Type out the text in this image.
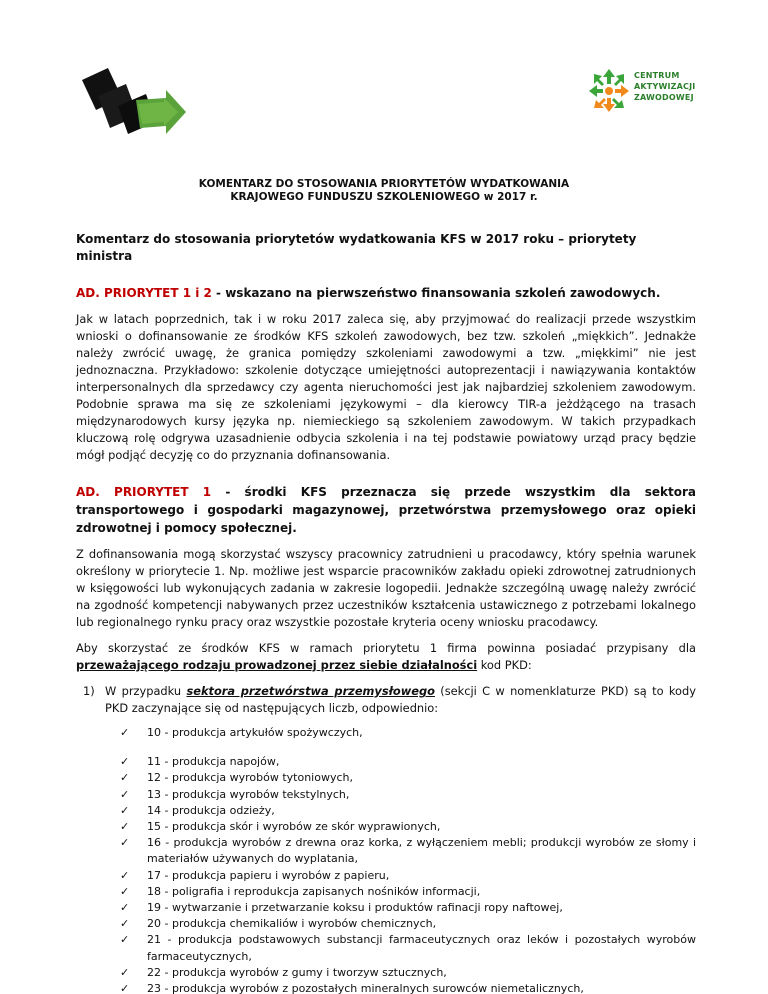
CENTRUM
AKTYWIZACJI
ZAWODOWEJ
KOMENTARZ DO STOSOWANIA PRIORYTETÓW WYDATKOWANIA
KRAJOWEGO FUNDUSZU SZKOLENIOWEGO w 2017 r.
Komentarz do stosowania priorytetów wydatkowania KFS w 2017 roku – priorytety ministra
AD. PRIORYTET 1 i 2 - wskazano na pierwszeństwo finansowania szkoleń zawodowych.
Jak w latach poprzednich, tak i w roku 2017 zaleca się, aby przyjmować do realizacji przede wszystkim wnioski o dofinansowanie ze środków KFS szkoleń zawodowych, bez tzw. szkoleń „miękkich”. Jednakże należy zwrócić uwagę, że granica pomiędzy szkoleniami zawodowymi a tzw. „miękkimi” nie jest jednoznaczna. Przykładowo: szkolenie dotyczące umiejętności autoprezentacji i nawiązywania kontaktów interpersonalnych dla sprzedawcy czy agenta nieruchomości jest jak najbardziej szkoleniem zawodowym. Podobnie sprawa ma się ze szkoleniami językowymi – dla kierowcy TIR-a jeżdżącego na trasach międzynarodowych kursy języka np. niemieckiego są szkoleniem zawodowym. W takich przypadkach kluczową rolę odgrywa uzasadnienie odbycia szkolenia i na tej podstawie powiatowy urząd pracy będzie mógł podjąć decyzję co do przyznania dofinansowania.
AD. PRIORYTET 1 - środki KFS przeznacza się przede wszystkim dla sektora transportowego i gospodarki magazynowej, przetwórstwa przemysłowego oraz opieki zdrowotnej i pomocy społecznej.
Z dofinansowania mogą skorzystać wszyscy pracownicy zatrudnieni u pracodawcy, który spełnia warunek określony w priorytecie 1. Np. możliwe jest wsparcie pracowników zakładu opieki zdrowotnej zatrudnionych w księgowości lub wykonujących zadania w zakresie logopedii. Jednakże szczególną uwagę należy zwrócić na zgodność kompetencji nabywanych przez uczestników kształcenia ustawicznego z potrzebami lokalnego lub regionalnego rynku pracy oraz wszystkie pozostałe kryteria oceny wniosku pracodawcy.
Aby skorzystać ze środków KFS w ramach priorytetu 1 firma powinna posiadać przypisany dla przeważającego rodzaju prowadzonej przez siebie działalności kod PKD:
1) W przypadku sektora przetwórstwa przemysłowego (sekcji C w nomenklaturze PKD) są to kody PKD zaczynające się od następujących liczb, odpowiednio:
✓	10 - produkcja artykułów spożywczych,
✓	11 - produkcja napojów,
✓	12 - produkcja wyrobów tytoniowych,
✓	13 - produkcja wyrobów tekstylnych,
✓	14 - produkcja odzieży,
✓	15 - produkcja skór i wyrobów ze skór wyprawionych,
✓	16 - produkcja wyrobów z drewna oraz korka, z wyłączeniem mebli; produkcji wyrobów ze słomy i materiałów używanych do wyplatania,
✓	17 - produkcja papieru i wyrobów z papieru,
✓	18 - poligrafia i reprodukcja zapisanych nośników informacji,
✓	19 - wytwarzanie i przetwarzanie koksu i produktów rafinacji ropy naftowej,
✓	20 - produkcja chemikaliów i wyrobów chemicznych,
✓	21 - produkcja podstawowych substancji farmaceutycznych oraz leków i pozostałych wyrobów farmaceutycznych,
✓	22 - produkcja wyrobów z gumy i tworzyw sztucznych,
✓	23 - produkcja wyrobów z pozostałych mineralnych surowców niemetalicznych,
